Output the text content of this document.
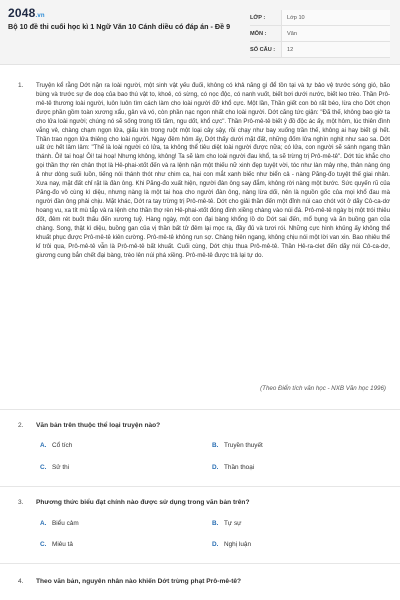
2048.vn
Bộ 10 đề thi cuối học kì 1 Ngữ Văn 10 Cánh diều có đáp án - Đề 9
LỚP :	Lớp 10
MÔN :	Văn
SỐ CÂU :	12
1. Truyện kể rằng Dớt nặn ra loài người, một sinh vật yếu đuối, không có khả năng gì để tồn tại và tự bảo vệ trước sóng gió, bão bùng và trước sự đe doạ của bao thú vật to, khoẻ, có sừng, có nọc độc, có nanh vuốt, biết bơi dưới nước, biết leo trèo. Thần Prô-mê-tê thương loài người, luôn luôn tìm cách làm cho loài người đỡ khổ cực. Một lần, Thần giết con bò rất béo, lừa cho Dớt chọn được phần gồm toàn xương xẩu, gân và vó, còn phần nạc ngon nhất cho loài người. Dớt căng tức giận: "Đã thế, không bao giờ ta cho lửa loài người; chúng nó sẽ sống trong tối tăm, ngu dốt, khổ cực". Thần Prô-mê-tê biết ý đồ độc ác ấy, một hôm, lúc thiên đình vắng vẻ, chàng chạm ngọn lửa, giấu kín trong ruột một loại cây sậy, rồi chạy như bay xuống trần thế, không ai hay biết gì hết. Thần trao ngọn lửa thiêng cho loài người. Ngay đêm hôm ấy, Dớt thấy dưới mặt đất, những đốm lửa nghìn nghịt như sao sa. Dớt uất ức hết lâm lâm: "Thế là loài người có lửa, ta không thể tiêu diệt loài người được nữa; có lửa, con người sẽ sánh ngang thần thánh. Ôi! tai hoạ! Ôi! tai hoạ! Nhưng không, không! Ta sẽ làm cho loài người đau khổ, ta sẽ trừng trị Prô-mê-tê". Dớt túc khắc cho gọi thần thợ rèn chân thọt là Hê-phai-xtốt đến và ra lệnh nặn một thiếu nữ xinh đẹp tuyệt vời, tóc như làn mây nhẹ, thân nàng óng ả như dòng suối luồn, tiếng nói thánh thót như chim ca, hai con mắt xanh biếc như biển cả - nàng Păng-đo tuyệt thế giai nhân. Xưa nay, mặt đất chỉ rặt là đàn ông. Khi Păng-đo xuất hiện, người đàn ông say đắm, không rời nàng một bước. Sức quyến rũ của Păng-đo vô cùng kì diệu, nhưng nàng là một tai hoạ cho người đàn ông, nàng lừa dối, nên là nguồn gốc của mọi khổ đau mà người đàn ông phải chịu. Mặt khác, Dớt ra tay trừng trị Prô-mê-tê. Dớt cho giải thần đến một đỉnh núi cao chót vót ở dãy Cô-ca-dơ hoang vu, xa tít mù tắp và ra lệnh cho thần thợ rèn Hê-phai-xtốt đóng đinh xiềng chàng vào núi đá. Prô-mê-tê ngày bị một trói thiêu đốt, đêm rét buốt thấu đến xương tuỷ. Hàng ngày, một con đại bàng khổng lồ do Dớt sai đến, mổ bụng và ăn buồng gan của chàng. Song, thật kì diệu, buồng gan của vị thần bất tử đêm lại mọc ra, đầy đủ và tươi rói. Những cực hình khủng ấy không thể khuất phục được Prô-mê-tê kiên cường. Prô-mê-tê không run sợ. Chàng hiên ngang, không chịu nói một lời van xin. Bao nhiêu thế kỉ trôi qua, Prô-mê-tê vẫn là Prô-mê-tê bất khuất. Cuối cùng, Dớt chịu thua Prô-mê-tê. Thần Hê-ra-clet đến dãy núi Cô-ca-dơ, giương cung bắn chết đại bàng, trèo lên núi phá xiềng. Prô-mê-tê được trả lại tự do.
(Theo Điển tích văn học - NXB Văn học 1996)
2. Văn bản trên thuộc thể loại truyện nào?
A. Cổ tích	B. Truyền thuyết
C. Sử thi	D. Thần thoại
3. Phương thức biểu đạt chính nào được sử dụng trong văn bản trên?
A. Biểu cảm	B. Tự sự
C. Miêu tả	D. Nghị luận
4. Theo văn bản, nguyên nhân nào khiến Dớt trừng phạt Prô-mê-tê?
